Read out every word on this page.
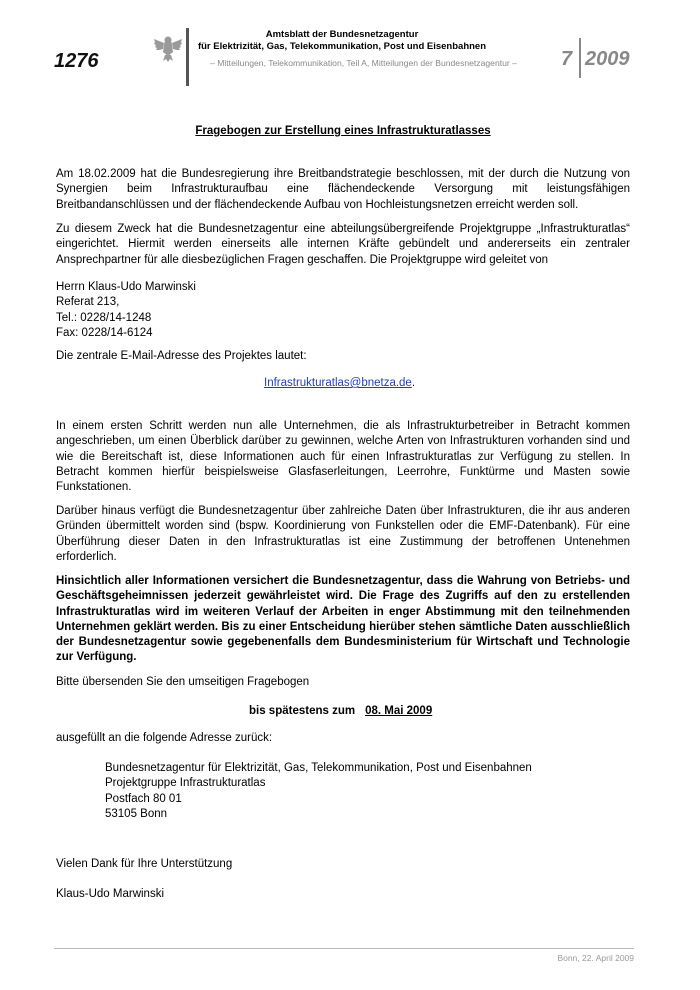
1276
Amtsblatt der Bundesnetzagentur
für Elektrizität, Gas, Telekommunikation, Post und Eisenbahnen
– Mitteilungen, Telekommunikation, Teil A, Mitteilungen der Bundesnetzagentur –	7 2009
Fragebogen zur Erstellung eines Infrastrukturatlasses
Am 18.02.2009 hat die Bundesregierung ihre Breitbandstrategie beschlossen, mit der durch die Nutzung von Synergien beim Infrastrukturaufbau eine flächendeckende Versorgung mit leistungsfähigen Breitbandanschlüssen und der flächendeckende Aufbau von Hochleistungsnetzen erreicht werden soll.
Zu diesem Zweck hat die Bundesnetzagentur eine abteilungsübergreifende Projektgruppe „Infrastrukturatlas“ eingerichtet. Hiermit werden einerseits alle internen Kräfte gebündelt und andererseits ein zentraler Ansprechpartner für alle diesbezüglichen Fragen geschaffen. Die Projektgruppe wird geleitet von
Herrn Klaus-Udo Marwinski
Referat 213,
Tel.: 0228/14-1248
Fax: 0228/14-6124
Die zentrale E-Mail-Adresse des Projektes lautet:
Infrastrukturatlas@bnetza.de.
In einem ersten Schritt werden nun alle Unternehmen, die als Infrastrukturbetreiber in Betracht kommen angeschrieben, um einen Überblick darüber zu gewinnen, welche Arten von Infrastrukturen vorhanden sind und wie die Bereitschaft ist, diese Informationen auch für einen Infrastrukturatlas zur Verfügung zu stellen. In Betracht kommen hierfür beispielsweise Glasfaserleitungen, Leerrohre, Funktürme und Masten sowie Funkstationen.
Darüber hinaus verfügt die Bundesnetzagentur über zahlreiche Daten über Infrastrukturen, die ihr aus anderen Gründen übermittelt worden sind (bspw. Koordinierung von Funkstellen oder die EMF-Datenbank). Für eine Überführung dieser Daten in den Infrastrukturatlas ist eine Zustimmung der betroffenen Untenehmen erforderlich.
Hinsichtlich aller Informationen versichert die Bundesnetzagentur, dass die Wahrung von Betriebs- und Geschäftsgeheimnissen jederzeit gewährleistet wird. Die Frage des Zugriffs auf den zu erstellenden Infrastrukturatlas wird im weiteren Verlauf der Arbeiten in enger Abstimmung mit den teilnehmenden Unternehmen geklärt werden. Bis zu einer Entscheidung hierüber stehen sämtliche Daten ausschließlich der Bundesnetzagentur sowie gegebenenfalls dem Bundesministerium für Wirtschaft und Technologie zur Verfügung.
Bitte übersenden Sie den umseitigen Fragebogen
bis spätestens zum 08. Mai 2009
ausgefüllt an die folgende Adresse zurück:
Bundesnetzagentur für Elektrizität, Gas, Telekommunikation, Post und Eisenbahnen
Projektgruppe Infrastrukturatlas
Postfach 80 01
53105 Bonn
Vielen Dank für Ihre Unterstützung
Klaus-Udo Marwinski
Bonn, 22. April 2009
